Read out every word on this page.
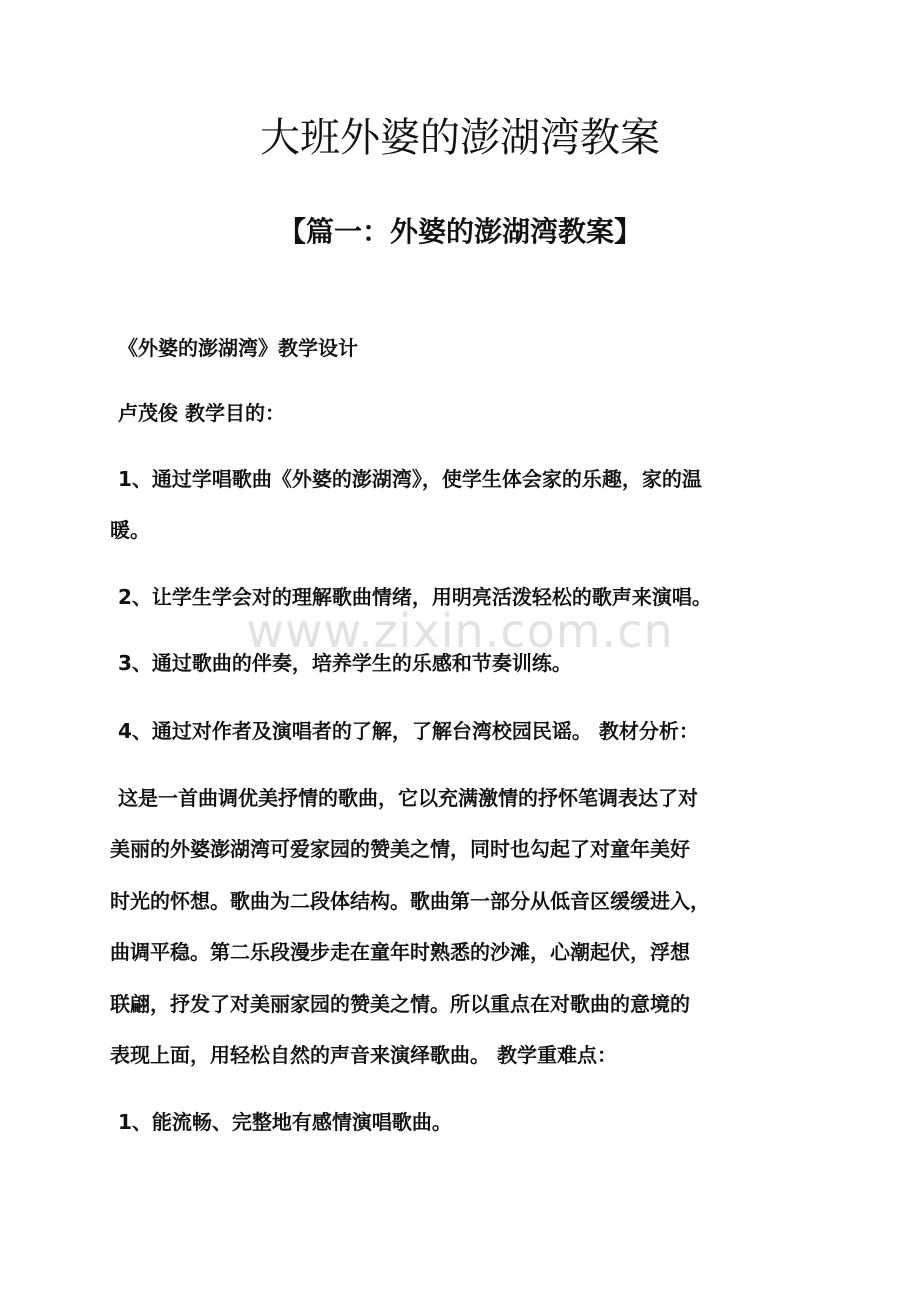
www.zixin.com.cn
大班外婆的澎湖湾教案
【篇一：外婆的澎湖湾教案】

《外婆的澎湖湾》教学设计

卢茂俊 教学目的：

1、通过学唱歌曲《外婆的澎湖湾》，使学生体会家的乐趣，家的温

暖。

2、让学生学会对的理解歌曲情绪，用明亮活泼轻松的歌声来演唱。

3、通过歌曲的伴奏，培养学生的乐感和节奏训练。

4、通过对作者及演唱者的了解，了解台湾校园民谣。 教材分析：

这是一首曲调优美抒情的歌曲，它以充满激情的抒怀笔调表达了对

美丽的外婆澎湖湾可爱家园的赞美之情，同时也勾起了对童年美好

时光的怀想。歌曲为二段体结构。歌曲第一部分从低音区缓缓进入，

曲调平稳。第二乐段漫步走在童年时熟悉的沙滩，心潮起伏，浮想

联翩，抒发了对美丽家园的赞美之情。所以重点在对歌曲的意境的

表现上面，用轻松自然的声音来演绎歌曲。 教学重难点：

1、能流畅、完整地有感情演唱歌曲。
